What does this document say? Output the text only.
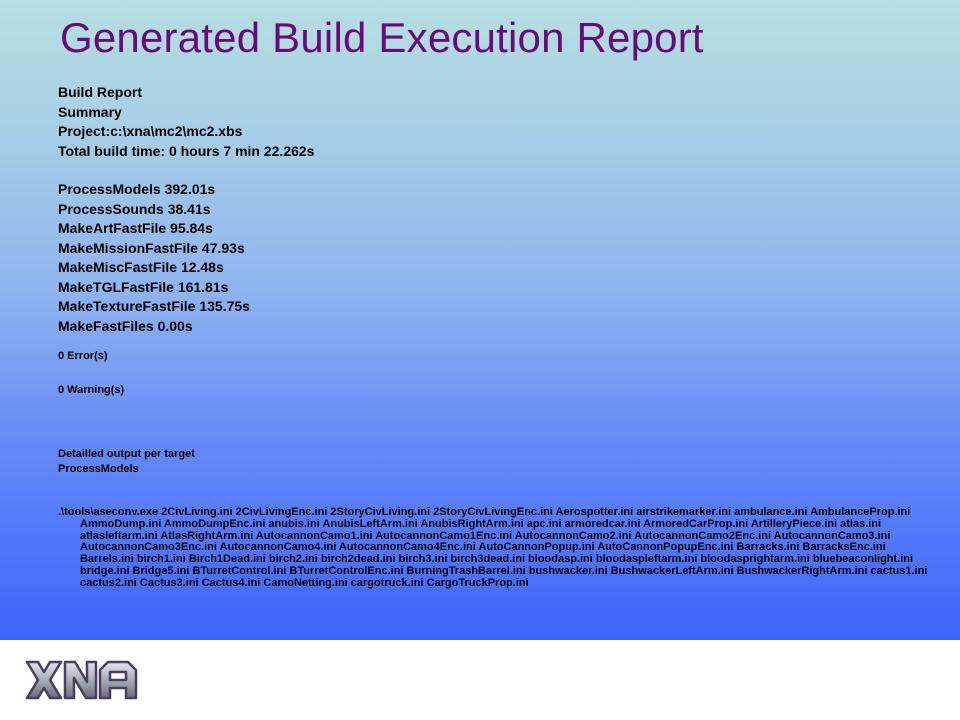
Generated Build Execution Report
Build Report
Summary
Project:c:\xna\mc2\mc2.xbs
Total build time: 0 hours 7 min 22.262s
ProcessModels 392.01s
ProcessSounds 38.41s
MakeArtFastFile 95.84s
MakeMissionFastFile 47.93s
MakeMiscFastFile 12.48s
MakeTGLFastFile 161.81s
MakeTextureFastFile 135.75s
MakeFastFiles 0.00s
0 Error(s)
0 Warning(s)
Detailled output per target
ProcessModels
.\tools\aseconv.exe 2CivLiving.ini 2CivLivingEnc.ini 2StoryCivLiving.ini 2StoryCivLivingEnc.ini Aerospotter.ini airstrikemarker.ini ambulance.ini AmbulanceProp.ini AmmoDump.ini AmmoDumpEnc.ini anubis.ini AnubisLeftArm.ini AnubisRightArm.ini apc.ini armoredcar.ini ArmoredCarProp.ini ArtilleryPiece.ini atlas.ini atlasleftarm.ini AtlasRightArm.ini AutocannonCamo1.ini AutocannonCamo1Enc.ini AutocannonCamo2.ini AutocannonCamo2Enc.ini AutocannonCamo3.ini AutocannonCamo3Enc.ini AutocannonCamo4.ini AutocannonCamo4Enc.ini AutoCannonPopup.ini AutoCannonPopupEnc.ini Barracks.ini BarracksEnc.ini Barrels.ini birch1.ini Birch1Dead.ini birch2.ini birch2dead.ini birch3.ini birch3dead.ini bloodasp.ini bloodaspleftarm.ini bloodasprightarm.ini bluebeaconlight.ini bridge.ini Bridge5.ini BTurretControl.ini BTurretControlEnc.ini BurningTrashBarrel.ini bushwacker.ini BushwackerLeftArm.ini BushwackerRightArm.ini cactus1.ini cactus2.ini Cactus3.ini Cactus4.ini CamoNetting.ini cargotruck.ini CargoTruckProp.ini
